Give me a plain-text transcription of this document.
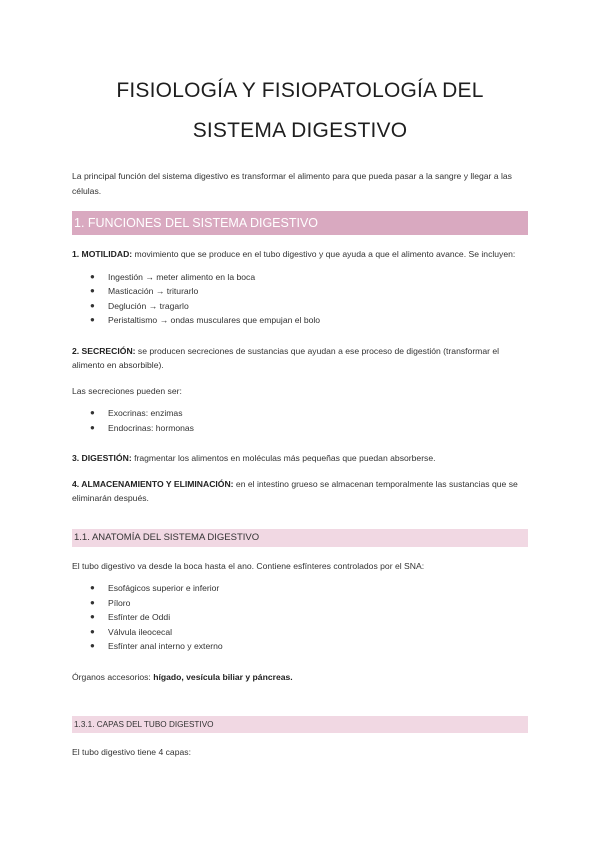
FISIOLOGÍA Y FISIOPATOLOGÍA DEL
SISTEMA DIGESTIVO

La principal función del sistema digestivo es transformar el alimento para que pueda pasar a la sangre y llegar a las células.

1. FUNCIONES DEL SISTEMA DIGESTIVO

1. MOTILIDAD: movimiento que se produce en el tubo digestivo y que ayuda a que el alimento avance. Se incluyen:

● Ingestión → meter alimento en la boca
● Masticación → triturarlo
● Deglución → tragarlo
● Peristaltismo → ondas musculares que empujan el bolo

2. SECRECIÓN: se producen secreciones de sustancias que ayudan a ese proceso de digestión (transformar el alimento en absorbible).

Las secreciones pueden ser:

● Exocrinas: enzimas
● Endocrinas: hormonas

3. DIGESTIÓN: fragmentar los alimentos en moléculas más pequeñas que puedan absorberse.

4. ALMACENAMIENTO Y ELIMINACIÓN: en el intestino grueso se almacenan temporalmente las sustancias que se eliminarán después.

1.1. ANATOMÍA DEL SISTEMA DIGESTIVO

El tubo digestivo va desde la boca hasta el ano. Contiene esfínteres controlados por el SNA:

● Esofágicos superior e inferior
● Píloro
● Esfínter de Oddi
● Válvula ileocecal
● Esfínter anal interno y externo

Órganos accesorios: hígado, vesícula biliar y páncreas.

1.3.1. CAPAS DEL TUBO DIGESTIVO

El tubo digestivo tiene 4 capas:
